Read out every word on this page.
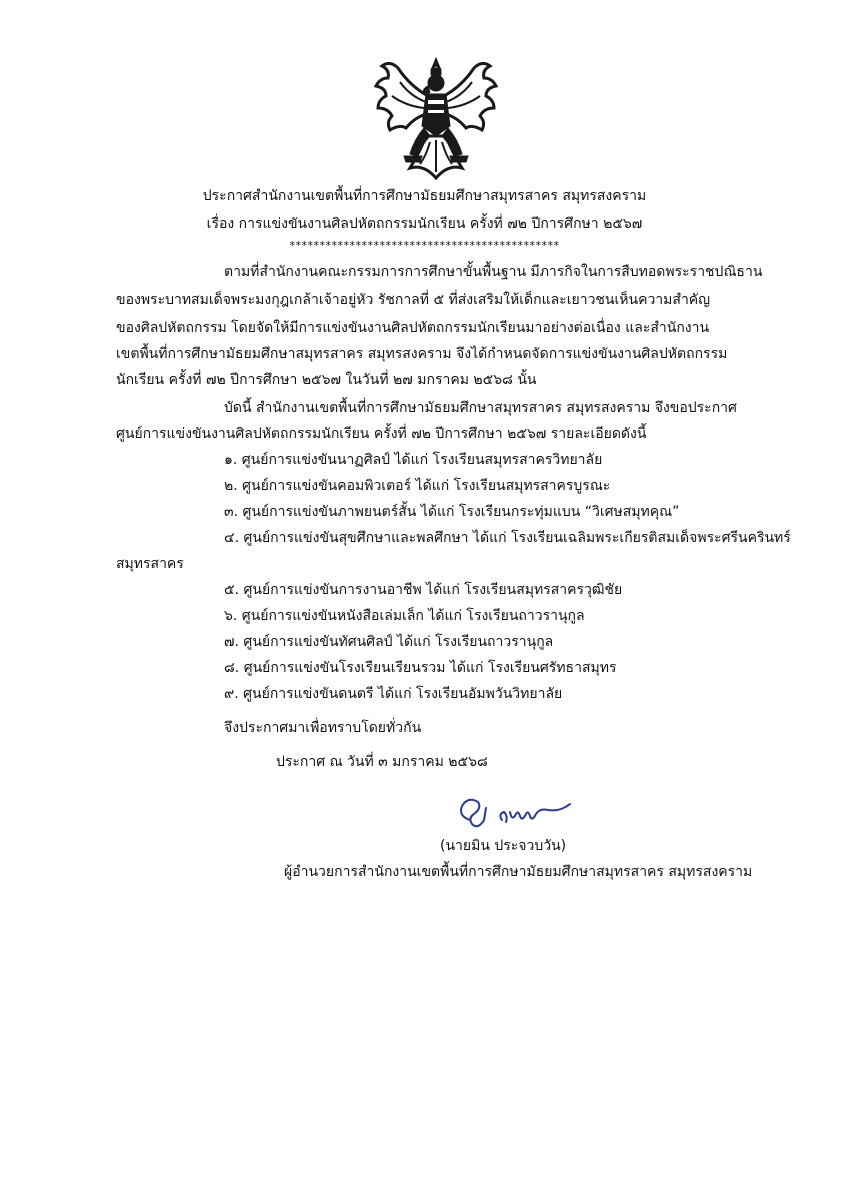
ประกาศสำนักงานเขตพื้นที่การศึกษามัธยมศึกษาสมุทรสาคร สมุทรสงคราม
เรื่อง การแข่งขันงานศิลปหัตถกรรมนักเรียน ครั้งที่ ๗๒ ปีการศึกษา ๒๕๖๗
*********************************************
ตามที่สำนักงานคณะกรรมการการศึกษาขั้นพื้นฐาน มีภารกิจในการสืบทอดพระราชปณิธาน
ของพระบาทสมเด็จพระมงกุฎเกล้าเจ้าอยู่หัว รัชกาลที่ ๕ ที่ส่งเสริมให้เด็กและเยาวชนเห็นความสำคัญ
ของศิลปหัตถกรรม โดยจัดให้มีการแข่งขันงานศิลปหัตถกรรมนักเรียนมาอย่างต่อเนื่อง และสำนักงาน
เขตพื้นที่การศึกษามัธยมศึกษาสมุทรสาคร สมุทรสงคราม จึงได้กำหนดจัดการแข่งขันงานศิลปหัตถกรรม
นักเรียน ครั้งที่ ๗๒ ปีการศึกษา ๒๕๖๗ ในวันที่ ๒๗ มกราคม ๒๕๖๘ นั้น
บัดนี้ สำนักงานเขตพื้นที่การศึกษามัธยมศึกษาสมุทรสาคร สมุทรสงคราม จึงขอประกาศ
ศูนย์การแข่งขันงานศิลปหัตถกรรมนักเรียน ครั้งที่ ๗๒ ปีการศึกษา ๒๕๖๗ รายละเอียดดังนี้
๑. ศูนย์การแข่งขันนาฏศิลป์ ได้แก่ โรงเรียนสมุทรสาครวิทยาลัย
๒. ศูนย์การแข่งขันคอมพิวเตอร์ ได้แก่ โรงเรียนสมุทรสาครบูรณะ
๓. ศูนย์การแข่งขันภาพยนตร์สั้น ได้แก่ โรงเรียนกระทุ่มแบน “วิเศษสมุทคุณ”
๔. ศูนย์การแข่งขันสุขศึกษาและพลศึกษา ได้แก่ โรงเรียนเฉลิมพระเกียรติสมเด็จพระศรีนครินทร์
สมุทรสาคร
๕. ศูนย์การแข่งขันการงานอาชีพ ได้แก่ โรงเรียนสมุทรสาครวุฒิชัย
๖. ศูนย์การแข่งขันหนังสือเล่มเล็ก ได้แก่ โรงเรียนถาวรานุกูล
๗. ศูนย์การแข่งขันทัศนศิลป์ ได้แก่ โรงเรียนถาวรานุกูล
๘. ศูนย์การแข่งขันโรงเรียนเรียนรวม ได้แก่ โรงเรียนศรัทธาสมุทร
๙. ศูนย์การแข่งขันดนตรี ได้แก่ โรงเรียนอัมพวันวิทยาลัย
จึงประกาศมาเพื่อทราบโดยทั่วกัน
ประกาศ ณ วันที่ ๓ มกราคม ๒๕๖๘
(นายมิน ประจวบวัน)
ผู้อำนวยการสำนักงานเขตพื้นที่การศึกษามัธยมศึกษาสมุทรสาคร สมุทรสงคราม
